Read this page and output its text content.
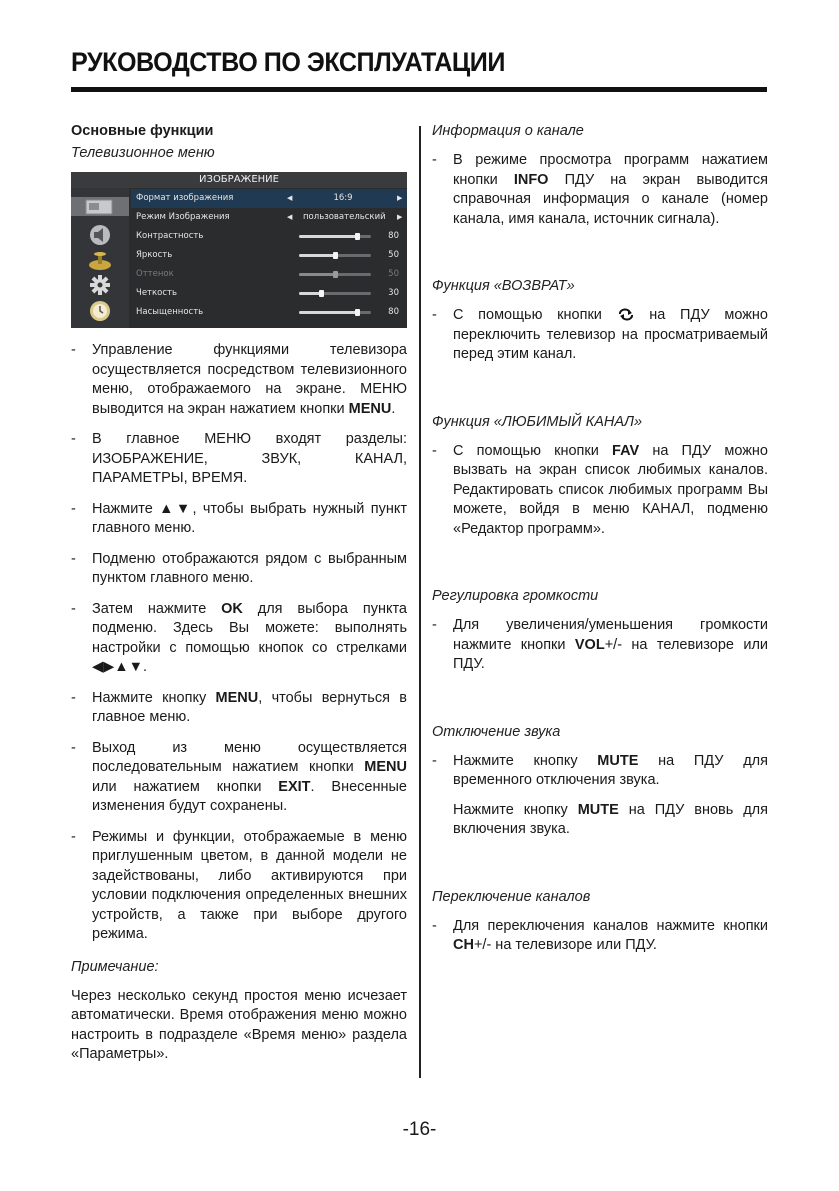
РУКОВОДСТВО ПО ЭКСПЛУАТАЦИИ

Основные функции

Телевизионное меню

ИЗОБРАЖЕНИЕ
Формат изображения	◀	16:9	▶
Режим Изображения	◀ пользовательский ▶
Контрастность	80
Яркость	50
Оттенок	50
Четкость	30
Насыщенность	80
- Управление функциями телевизора осуществляется посредством телевизионного меню, отображаемого на экране. МЕНЮ выводится на экран нажатием кнопки MENU.
- В главное МЕНЮ входят разделы: ИЗОБРАЖЕНИЕ, ЗВУК, КАНАЛ, ПАРАМЕТРЫ, ВРЕМЯ.
- Нажмите ▲▼, чтобы выбрать нужный пункт главного меню.
- Подменю отображаются рядом с выбранным пунктом главного меню.
- Затем нажмите OK для выбора пункта подменю. Здесь Вы можете: выполнять настройки с помощью кнопок со стрелками ◀▶▲▼.
- Нажмите кнопку MENU, чтобы вернуться в главное меню.
- Выход из меню осуществляется последовательным нажатием кнопки MENU или нажатием кнопки EXIT. Внесенные изменения будут сохранены.
- Режимы и функции, отображаемые в меню приглушенным цветом, в данной модели не задействованы, либо активируются при условии подключения определенных внешних устройств, а также при выборе другого режима.

Примечание:

Через несколько секунд простоя меню исчезает автоматически. Время отображения меню можно настроить в подразделе «Время меню» раздела «Параметры».

Информация о канале

- В режиме просмотра программ нажатием кнопки INFO ПДУ на экран выводится справочная информация о канале (номер канала, имя канала, источник сигнала).

Функция «ВОЗВРАТ»

- С помощью кнопки  на ПДУ можно переключить телевизор на просматриваемый перед этим канал.

Функция «ЛЮБИМЫЙ КАНАЛ»

- С помощью кнопки FAV на ПДУ можно вызвать на экран список любимых каналов. Редактировать список любимых программ Вы можете, войдя в меню КАНАЛ, подменю «Редактор программ».

Регулировка громкости

- Для увеличения/уменьшения громкости нажмите кнопки VOL+/- на телевизоре или ПДУ.

Отключение звука

- Нажмите кнопку MUTE на ПДУ для временного отключения звука.

Нажмите кнопку MUTE на ПДУ вновь для включения звука.

Переключение каналов

- Для переключения каналов нажмите кнопки CH+/- на телевизоре или ПДУ.
-16-
